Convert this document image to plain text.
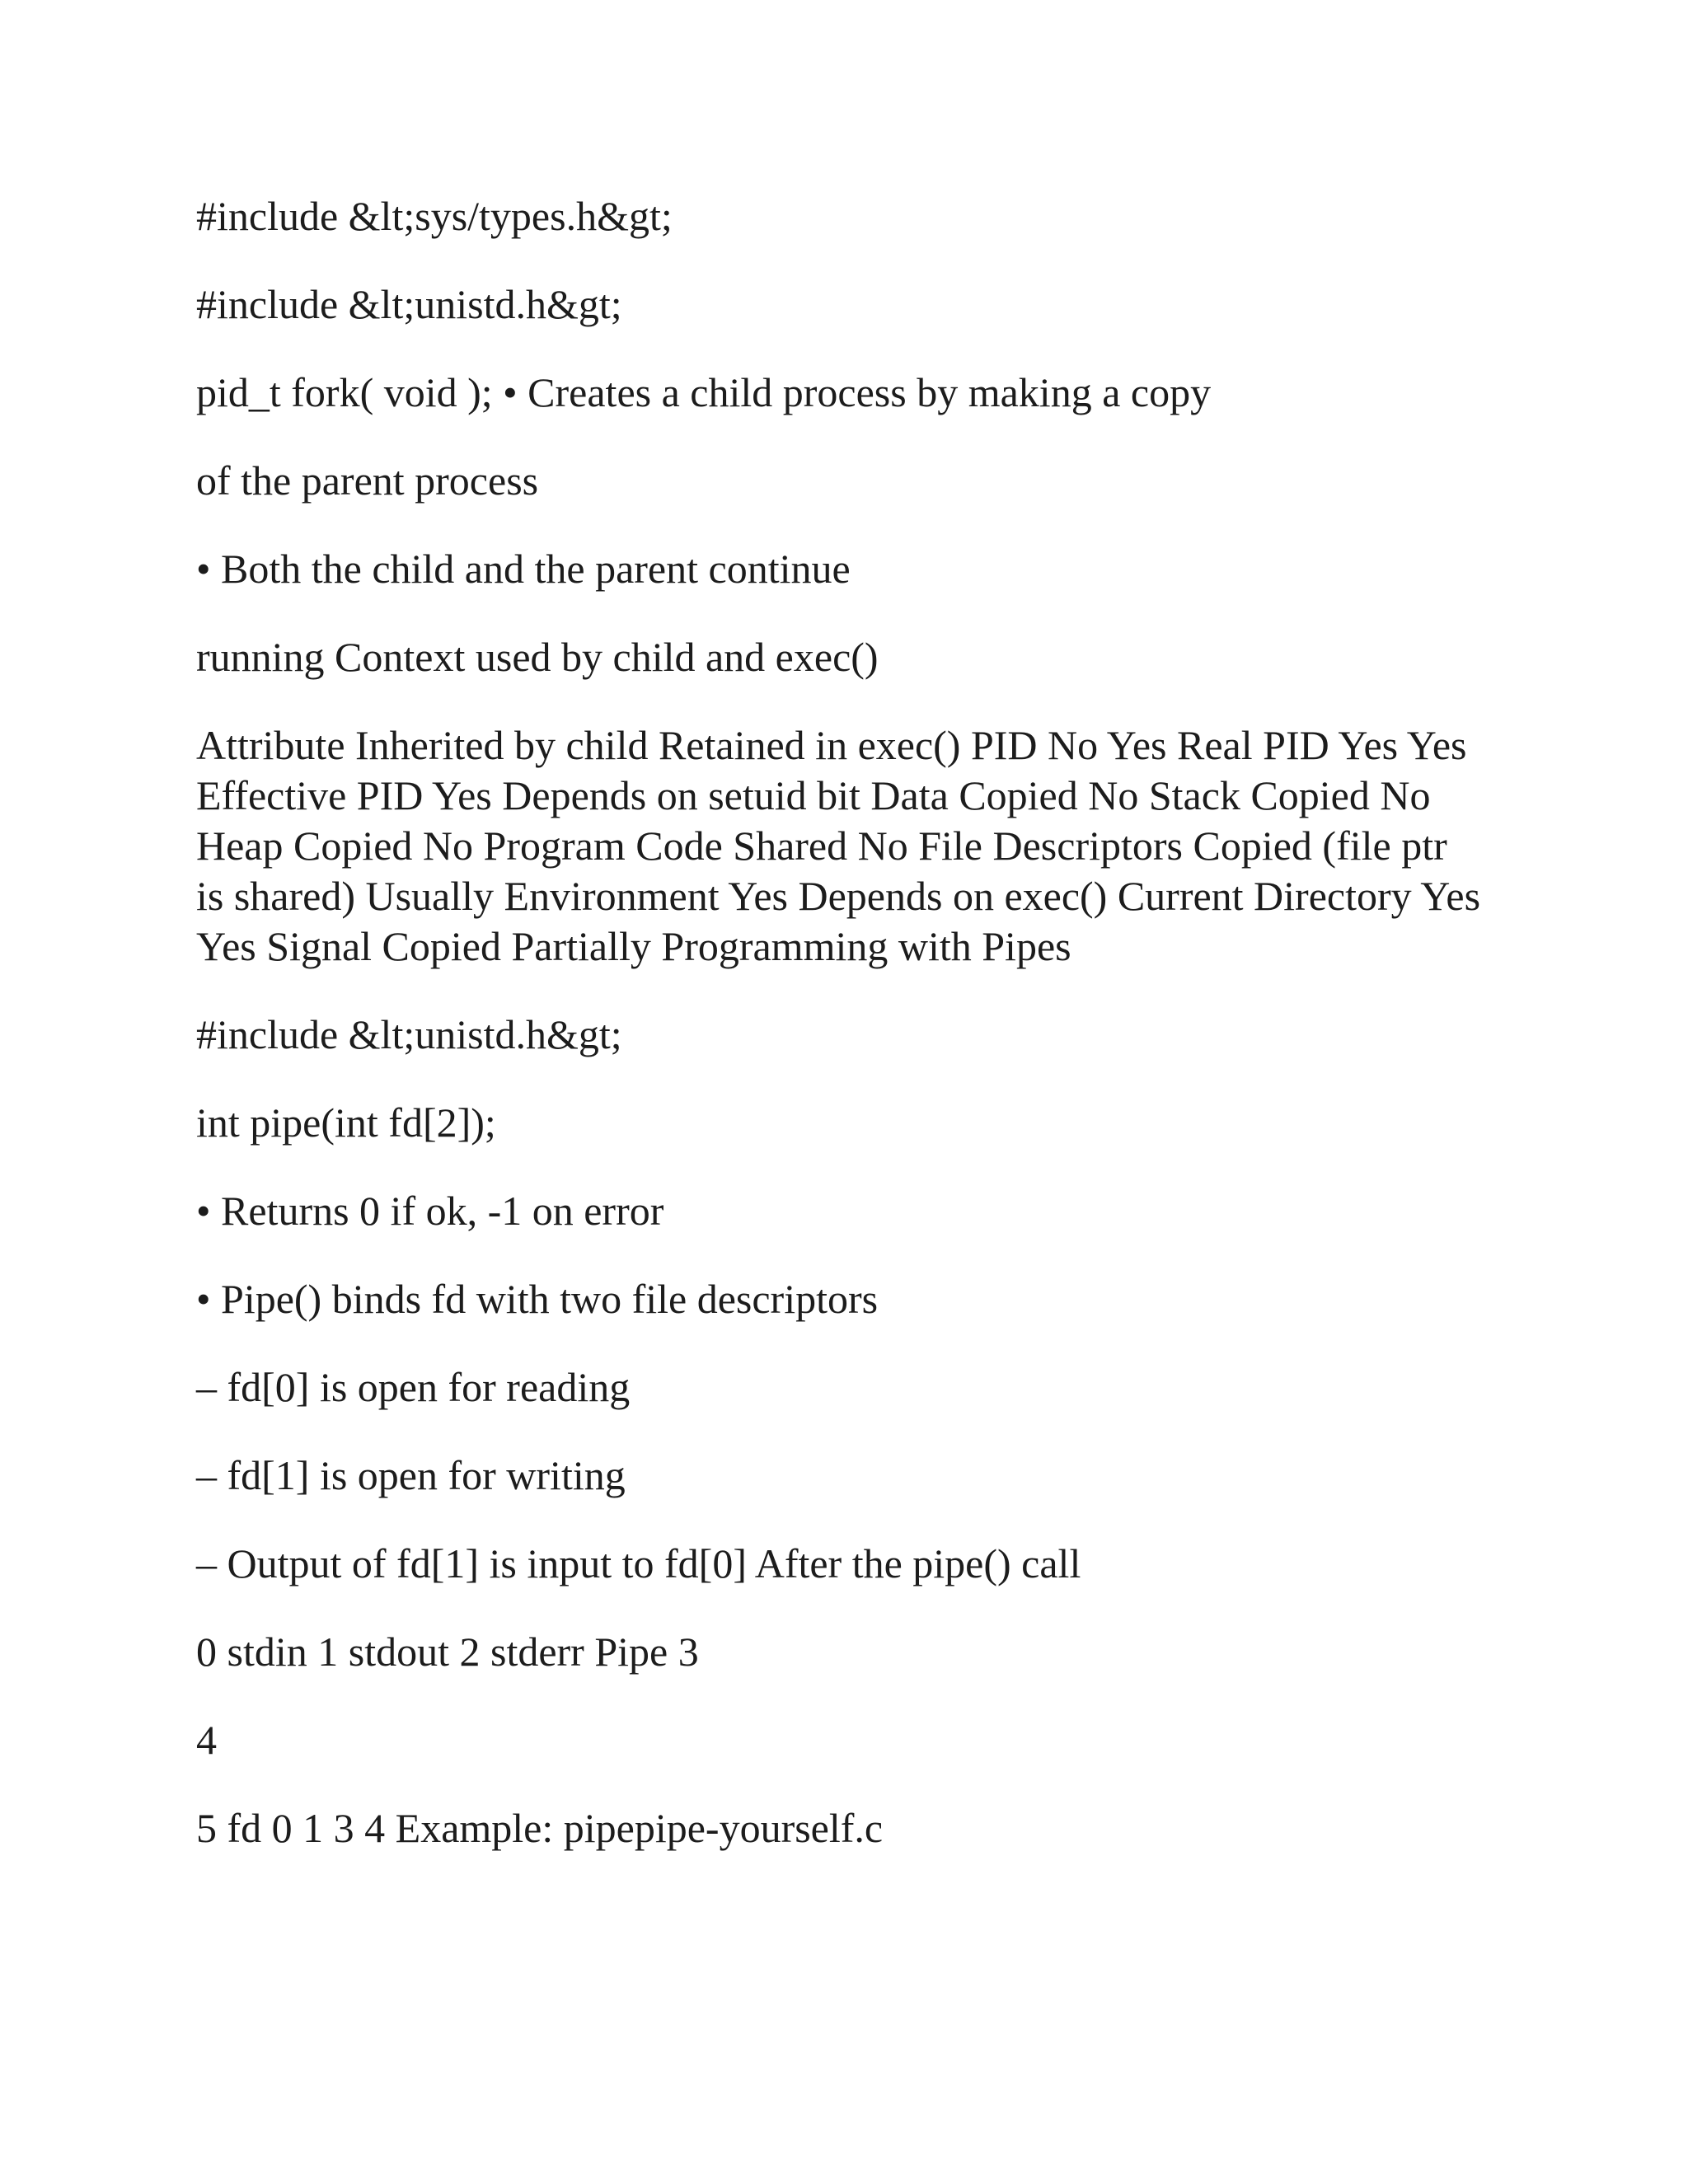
#include &lt;sys/types.h&gt;

#include &lt;unistd.h&gt;

pid_t fork( void ); • Creates a child process by making a copy

of the parent process

• Both the child and the parent continue

running Context used by child and exec()

Attribute Inherited by child Retained in exec() PID No Yes Real PID Yes Yes Effective PID Yes Depends on setuid bit Data Copied No Stack Copied No Heap Copied No Program Code Shared No File Descriptors Copied (file ptr is shared) Usually Environment Yes Depends on exec() Current Directory Yes Yes Signal Copied Partially Programming with Pipes

#include &lt;unistd.h&gt;

int pipe(int fd[2]);

• Returns 0 if ok, -1 on error

• Pipe() binds fd with two file descriptors

– fd[0] is open for reading

– fd[1] is open for writing

– Output of fd[1] is input to fd[0] After the pipe() call

0 stdin 1 stdout 2 stderr Pipe 3

4

5 fd 0 1 3 4 Example: pipepipe-yourself.c
